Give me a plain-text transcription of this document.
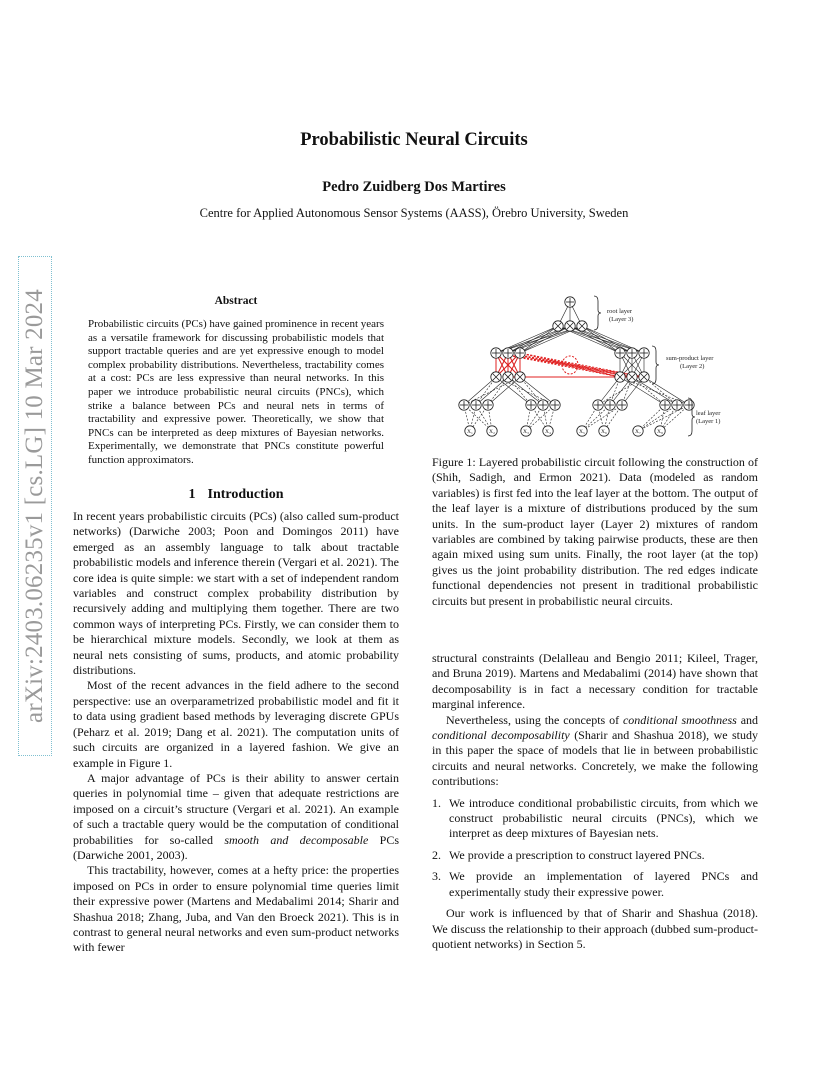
arXiv:2403.06235v1 [cs.LG] 10 Mar 2024
Probabilistic Neural Circuits
Pedro Zuidberg Dos Martires
Centre for Applied Autonomous Sensor Systems (AASS), Örebro University, Sweden
Abstract
Probabilistic circuits (PCs) have gained prominence in recent years as a versatile framework for discussing probabilistic models that support tractable queries and are yet expressive enough to model complex probability distributions. Nevertheless, tractability comes at a cost: PCs are less expressive than neural networks. In this paper we introduce probabilistic neural circuits (PNCs), which strike a balance between PCs and neural nets in terms of tractability and expressive power. Theoretically, we show that PNCs can be interpreted as deep mixtures of Bayesian networks. Experimentally, we demonstrate that PNCs constitute powerful function approximators.
1 Introduction

In recent years probabilistic circuits (PCs) (also called sum-product networks) (Darwiche 2003; Poon and Domingos 2011) have emerged as an assembly language to talk about tractable probabilistic models and inference therein (Vergari et al. 2021). The core idea is quite simple: we start with a set of independent random variables and construct complex probability distribution by recursively adding and multiplying them together. There are two common ways of interpreting PCs. Firstly, we can consider them to be hierarchical mixture models. Secondly, we look at them as neural nets consisting of sums, products, and atomic probability distributions.

Most of the recent advances in the field adhere to the second perspective: use an overparametrized probabilistic model and fit it to data using gradient based methods by leveraging discrete GPUs (Peharz et al. 2019; Dang et al. 2021). The computation units of such circuits are organized in a layered fashion. We give an example in Figure 1.

A major advantage of PCs is their ability to answer certain queries in polynomial time – given that adequate restrictions are imposed on a circuit’s structure (Vergari et al. 2021). An example of such a tractable query would be the computation of conditional probabilities for so-called smooth and decomposable PCs (Darwiche 2001, 2003).

This tractability, however, comes at a hefty price: the properties imposed on PCs in order to ensure polynomial time queries limit their expressive power (Martens and Medabalimi 2014; Sharir and Shashua 2018; Zhang, Juba, and Van den Broeck 2021). This is in contrast to general neural networks and even sum-product networks with fewer

X₁	X₂	X₃	X₄	X₅	X₆	X₇	X₈
root layer
(Layer 3)
sum-product layer
(Layer 2)
leaf layer
(Layer 1)
Figure 1: Layered probabilistic circuit following the construction of (Shih, Sadigh, and Ermon 2021). Data (modeled as random variables) is first fed into the leaf layer at the bottom. The output of the leaf layer is a mixture of distributions produced by the sum units. In the sum-product layer (Layer 2) mixtures of random variables are combined by taking pairwise products, these are then again mixed using sum units. Finally, the root layer (at the top) gives us the joint probability distribution. The red edges indicate functional dependencies not present in traditional probabilistic circuits but present in probabilistic neural circuits.

structural constraints (Delalleau and Bengio 2011; Kileel, Trager, and Bruna 2019). Martens and Medabalimi (2014) have shown that decomposability is in fact a necessary condition for tractable marginal inference.

Nevertheless, using the concepts of conditional smoothness and conditional decomposability (Sharir and Shashua 2018), we study in this paper the space of models that lie in between probabilistic circuits and neural networks. Concretely, we make the following contributions:

1. We introduce conditional probabilistic circuits, from which we construct probabilistic neural circuits (PNCs), which we interpret as deep mixtures of Bayesian nets.
2. We provide a prescription to construct layered PNCs.
3. We provide an implementation of layered PNCs and experimentally study their expressive power.

Our work is influenced by that of Sharir and Shashua (2018). We discuss the relationship to their approach (dubbed sum-product-quotient networks) in Section 5.
